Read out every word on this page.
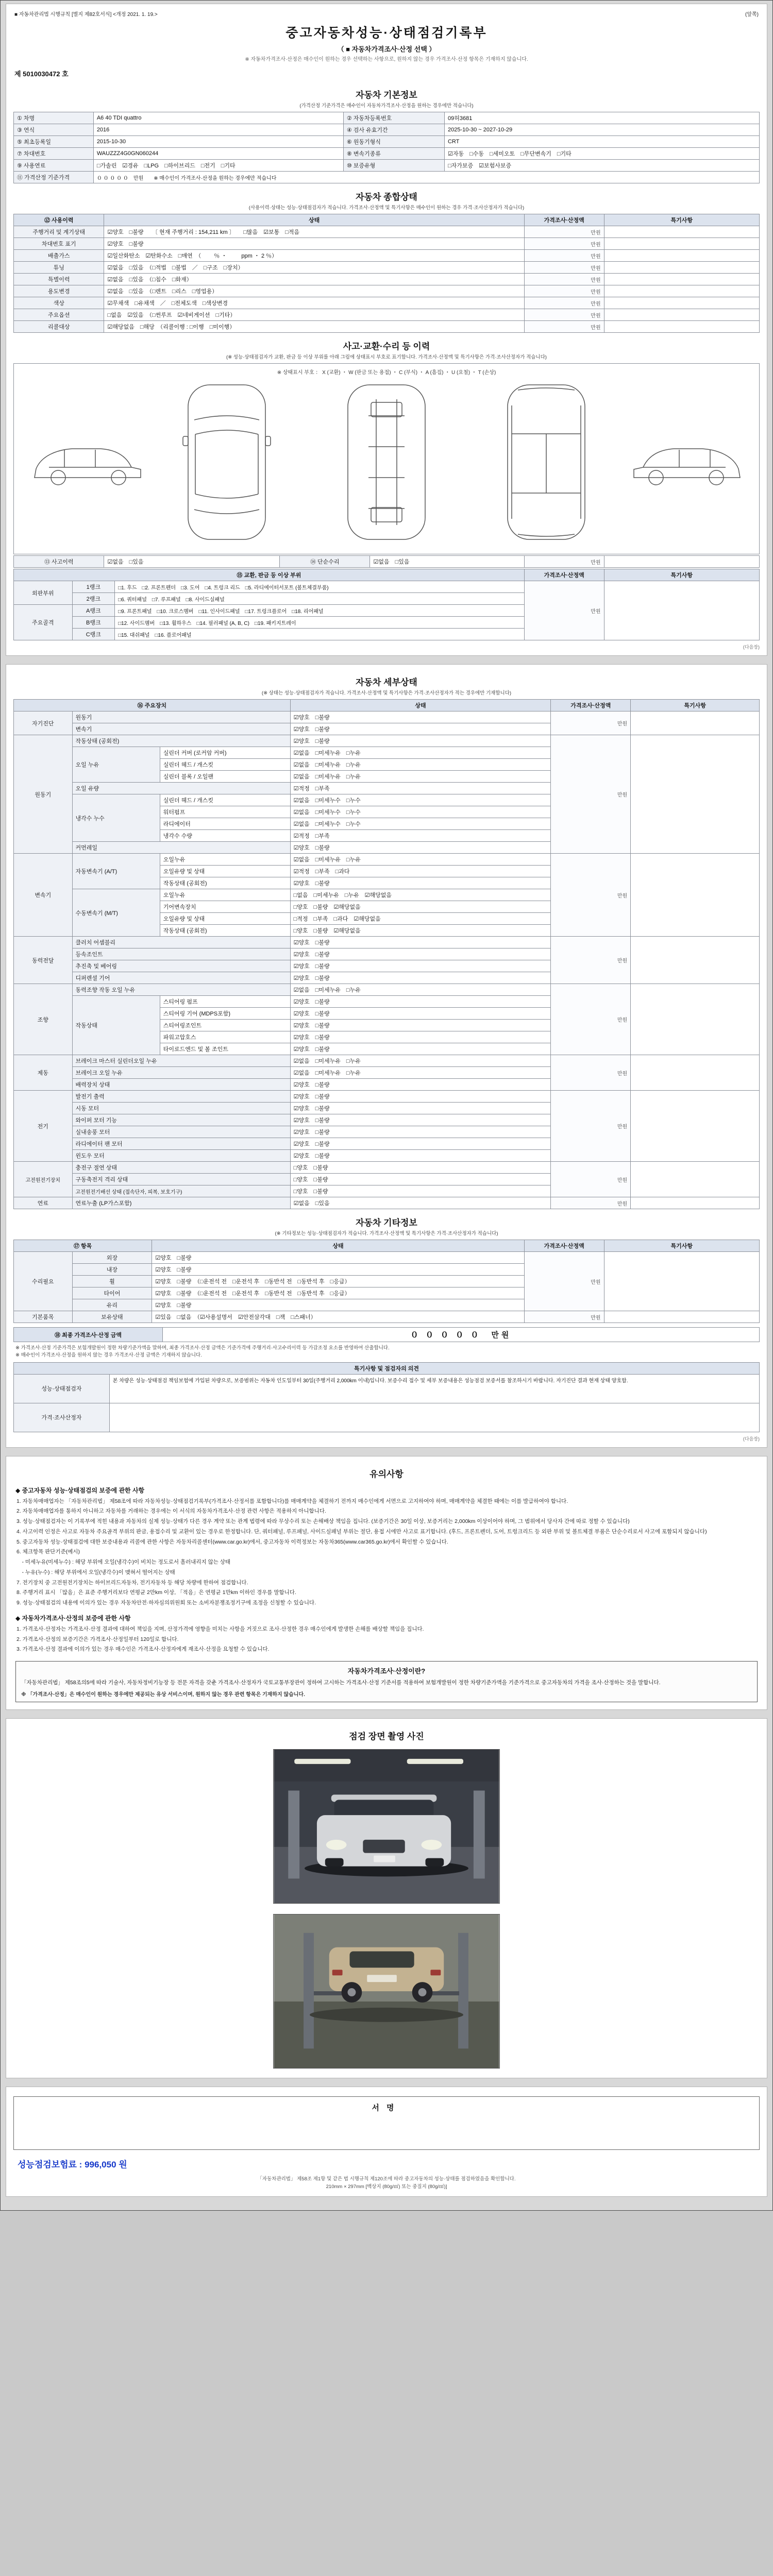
■ 자동차관리법 시행규칙 [별지 제82호서식] <개정 2021. 1. 19.>	(앞쪽)
중고자동차성능·상태점검기록부
（ ■ 자동차가격조사·산정 선택 ）
※ 자동차가격조사·산정은 매수인이 원하는 경우 선택하는 사항으로, 원하지 않는 경우 가격조사·산정 항목은 기재하지 않습니다.
제 5010030472 호
자동차 기본정보
(가격산정 기준가격은 매수인이 자동차가격조사·산정을 원하는 경우에만 적습니다)
① 차명	A6 40 TDI quattro	② 자동차등록번호	09허3681
③ 연식	2016	④ 검사 유효기간	2025-10-30 ~ 2027-10-29
⑤ 최초등록일	2015-10-30	⑥ 원동기형식	CRT
⑦ 차대번호	WAUZZZ4G0GN060244	⑧ 변속기종류	☑자동　□수동　□세미오토　□무단변속기　□기타
⑨ 사용연료	□가솔린　☑경유　□LPG　□하이브리드　□전기　□기타	⑩ 보증유형	□자가보증　☑보험사보증
⑪ 가격산정 기준가격	０ ０ ０ ０ ０　만원　　※ 매수인이 가격조사·산정을 원하는 경우에만 적습니다		
자동차 종합상태
(사용이력·상태는 성능·상태점검자가 적습니다. 가격조사·산정액 및 특기사항은 매수인이 원하는 경우 가격·조사산정자가 적습니다)
⑫ 사용이력	상태	가격조사·산정액	특기사항
주행거리 및 계기상태	☑양호　□불량　　〔 현재 주행거리 : 154,211 km 〕　　□많음　☑보통　□적음	만원	
차대번호 표기	☑양호　□불량	만원	
배출가스	☑일산화탄소　☑탄화수소　□매연　（　　 ％ ・ 　　 ppm ・ 2 ％）	만원	
튜닝	☑없음　□있음　（□적법　□불법　／　□구조　□장치）	만원	
특별이력	☑없음　□있음　（□침수　□화재）	만원	
용도변경	☑없음　□있음　（□렌트　□리스　□영업용）	만원	
색상	☑무채색　□유채색　／　□전체도색　□색상변경	만원	
주요옵션	□없음　☑있음　（□썬루프　☑네비게이션　□기타）	만원	
리콜대상	☑해당없음　□해당　（리콜이행 : □이행　□미이행）	만원	
사고·교환·수리 등 이력
(※ 성능·상태점검자가 교환, 판금 등 이상 부위를 아래 그림에 상태표시 부호로 표기합니다. 가격조사·산정액 및 특기사항은 가격·조사산정자가 적습니다)
※ 상태표시 부호 ： X (교환) ・ W (판금 또는 용접) ・ C (부식) ・ A (흠집) ・ U (요철) ・ T (손상)
⑬ 사고이력	☑없음　□있음	⑭ 단순수리	☑없음　□있음	만원	
⑮ 교환, 판금 등 이상 부위			가격조사·산정액	특기사항
외판부위	1랭크	□1. 후드　□2. 프론트펜더　□3. 도어　□4. 트렁크 리드　□5. 라디에이터서포트 (볼트체결부품)	만원	
	2랭크	□6. 쿼터패널　□7. 루프패널　□8. 사이드실패널		
주요골격	A랭크	□9. 프론트패널　□10. 크로스멤버　□11. 인사이드패널　□17. 트렁크플로어　□18. 리어패널		
	B랭크	□12. 사이드멤버　□13. 휠하우스　□14. 필러패널 (A, B, C)　□19. 패키지트레이		
	C랭크	□15. 대쉬패널　□16. 플로어패널		
(다음장)
자동차 세부상태
(※ 상태는 성능·상태점검자가 적습니다. 가격조사·산정액 및 특기사항은 가격·조사산정자가 적는 경우에만 기재합니다)
⑯ 주요장치			상태	가격조사·산정액	특기사항
자기진단	원동기		☑양호　□불량	만원	
	변속기		☑양호　□불량		
원동기	작동상태 (공회전)		☑양호　□불량	만원	
	오일 누유	실린더 커버 (로커암 커버)	☑없음　□미세누유　□누유		
		실린더 헤드 / 개스킷	☑없음　□미세누유　□누유		
		실린더 블록 / 오일팬	☑없음　□미세누유　□누유		
	오일 유량		☑적정　□부족		
	냉각수 누수	실린더 헤드 / 개스킷	☑없음　□미세누수　□누수		
		워터펌프	☑없음　□미세누수　□누수		
		라디에이터	☑없음　□미세누수　□누수		
		냉각수 수량	☑적정　□부족		
	커먼레일		☑양호　□불량		
변속기	자동변속기 (A/T)	오일누유	☑없음　□미세누유　□누유	만원	
		오일유량 및 상태	☑적정　□부족　□과다		
		작동상태 (공회전)	☑양호　□불량		
	수동변속기 (M/T)	오일누유	□없음　□미세누유　□누유　☑해당없음		
		기어변속장치	□양호　□불량　☑해당없음		
		오일유량 및 상태	□적정　□부족　□과다　☑해당없음		
		작동상태 (공회전)	□양호　□불량　☑해당없음		
동력전달	클러치 어셈블리		☑양호　□불량	만원	
	등속조인트		☑양호　□불량		
	추진축 및 베어링		☑양호　□불량		
	디퍼렌셜 기어		☑양호　□불량		
조향	동력조향 작동 오일 누유		☑없음　□미세누유　□누유	만원	
	작동상태	스티어링 펌프	☑양호　□불량		
		스티어링 기어 (MDPS포함)	☑양호　□불량		
		스티어링조인트	☑양호　□불량		
		파워고압호스	☑양호　□불량		
		타이로드엔드 및 볼 조인트	☑양호　□불량		
제동	브레이크 마스터 실린더오일 누유		☑없음　□미세누유　□누유	만원	
	브레이크 오일 누유		☑없음　□미세누유　□누유		
	배력장치 상태		☑양호　□불량		
전기	발전기 출력		☑양호　□불량	만원	
	시동 모터		☑양호　□불량		
	와이퍼 모터 기능		☑양호　□불량		
	실내송풍 모터		☑양호　□불량		
	라디에이터 팬 모터		☑양호　□불량		
	윈도우 모터		☑양호　□불량		
고전원전기장치	충전구 절연 상태		□양호　□불량	만원	
	구동축전지 격리 상태		□양호　□불량		
	고전원전기배선 상태 (접속단자, 피복, 보호기구)		□양호　□불량		
연료	연료누출 (LP가스포함)		☑없음　□있음	만원	
자동차 기타정보
(※ 기타정보는 성능·상태점검자가 적습니다. 가격조사·산정액 및 특기사항은 가격·조사산정자가 적습니다)
⑰ 항목		상태	가격조사·산정액	특기사항
수리필요	외장	☑양호　□불량	만원	
	내장	☑양호　□불량		
	휠	☑양호　□불량　（□운전석 전　□운전석 후　□동반석 전　□동반석 후　□응급）		
	타이어	☑양호　□불량　（□운전석 전　□운전석 후　□동반석 전　□동반석 후　□응급）		
	유리	☑양호　□불량		
기본품목	보유상태	☑있음　□없음　（☑사용설명서　☑안전삼각대　□잭　□스패너）	만원	
⑱ 최종 가격조사·산정 금액	０ ０ ０ ０ ０　만원
※ 가격조사·산정 기준가격은 보험개발원이 정한 차량기준가액을 말하며, 최종 가격조사·산정 금액은 기준가격에 주행거리·사고수리이력 등 가감조정 요소를 반영하여 산출합니다.
※ 매수인이 가격조사·산정을 원하지 않는 경우 가격조사·산정 금액은 기재하지 않습니다.
특기사항 및 점검자의 의견	
성능·상태점검자	본 차량은 성능·상태점검 책임보험에 가입된 차량으로, 보증범위는 자동차 인도일부터 30일(주행거리 2,000km 이내)입니다. 보증수리 접수 및 세부 보증내용은 성능점검 보증서를 참조하시기 바랍니다. 자기진단 결과 현재 상태 양호함.
가격·조사산정자	
(다음장)
유의사항
◆ 중고자동차 성능·상태점검의 보증에 관한 사항

1. 자동차매매업자는 「자동차관리법」 제58조에 따라 자동차성능·상태점검기록부(가격조사·산정서를 포함합니다)를 매매계약을 체결하기 전까지 매수인에게 서면으로 고지하여야 하며, 매매계약을 체결한 때에는 이를 발급하여야 합니다.

2. 자동차매매업자를 통하지 아니하고 자동차를 거래하는 경우에는 이 서식의 자동차가격조사·산정 관련 사항은 적용하지 아니합니다.

3. 성능·상태점검자는 이 기록부에 적힌 내용과 자동차의 실제 성능·상태가 다른 경우 계약 또는 관계 법령에 따라 무상수리 또는 손해배상 책임을 집니다. (보증기간은 30일 이상, 보증거리는 2,000km 이상이어야 하며, 그 범위에서 당사자 간에 따로 정할 수 있습니다)

4. 사고이력 인정은 사고로 자동차 주요골격 부위의 판금, 용접수리 및 교환이 있는 경우로 한정합니다. 단, 쿼터패널, 루프패널, 사이드실패널 부위는 절단, 용접 시에만 사고로 표기합니다. (후드, 프론트펜더, 도어, 트렁크리드 등 외판 부위 및 볼트체결 부품은 단순수리로서 사고에 포함되지 않습니다)

5. 중고자동차 성능·상태점검에 대한 보증내용과 리콜에 관한 사항은 자동차리콜센터(www.car.go.kr)에서, 중고자동차 이력정보는 자동차365(www.car365.go.kr)에서 확인할 수 있습니다.

6. 체크항목 판단기준(예시)

　- 미세누유(미세누수) : 해당 부위에 오일(냉각수)이 비치는 정도로서 흘러내리지 않는 상태

　- 누유(누수) : 해당 부위에서 오일(냉각수)이 맺혀서 떨어지는 상태

7. 전기장치 중 고전원전기장치는 하이브리드자동차, 전기자동차 등 해당 차량에 한하여 점검합니다.

8. 주행거리 표시 「많음」은 표준 주행거리보다 연평균 2만km 이상, 「적음」은 연평균 1만km 이하인 경우를 말합니다.

9. 성능·상태점검의 내용에 이의가 있는 경우 자동차안전·하자심의위원회 또는 소비자분쟁조정기구에 조정을 신청할 수 있습니다.

◆ 자동차가격조사·산정의 보증에 관한 사항

1. 가격조사·산정자는 가격조사·산정 결과에 대하여 책임을 지며, 산정가격에 영향을 미치는 사항을 거짓으로 조사·산정한 경우 매수인에게 발생한 손해를 배상할 책임을 집니다.

2. 가격조사·산정의 보증기간은 가격조사·산정일부터 120일로 합니다.

3. 가격조사·산정 결과에 이의가 있는 경우 매수인은 가격조사·산정자에게 재조사·산정을 요청할 수 있습니다.

자동차가격조사·산정이란?
「자동차관리법」 제58조의5에 따라 기술사, 자동차정비기능장 등 전문 자격을 갖춘 가격조사·산정자가 국토교통부장관이 정하여 고시하는 가격조사·산정 기준서를 적용하여 보험개발원이 정한 차량기준가액을 기준가격으로 중고자동차의 가격을 조사·산정하는 것을 말합니다.
※ 「가격조사·산정」은 매수인이 원하는 경우에만 제공되는 유상 서비스이며, 원하지 않는 경우 관련 항목은 기재하지 않습니다.
점검 장면 촬영 사진
서명
성능점검보험료 : 996,050 원
「자동차관리법」 제58조 제1항 및 같은 법 시행규칙 제120조에 따라 중고자동차의 성능·상태를 점검하였음을 확인합니다.
210mm × 297mm [백상지 (80g/㎡) 또는 중질지 (80g/㎡)]
